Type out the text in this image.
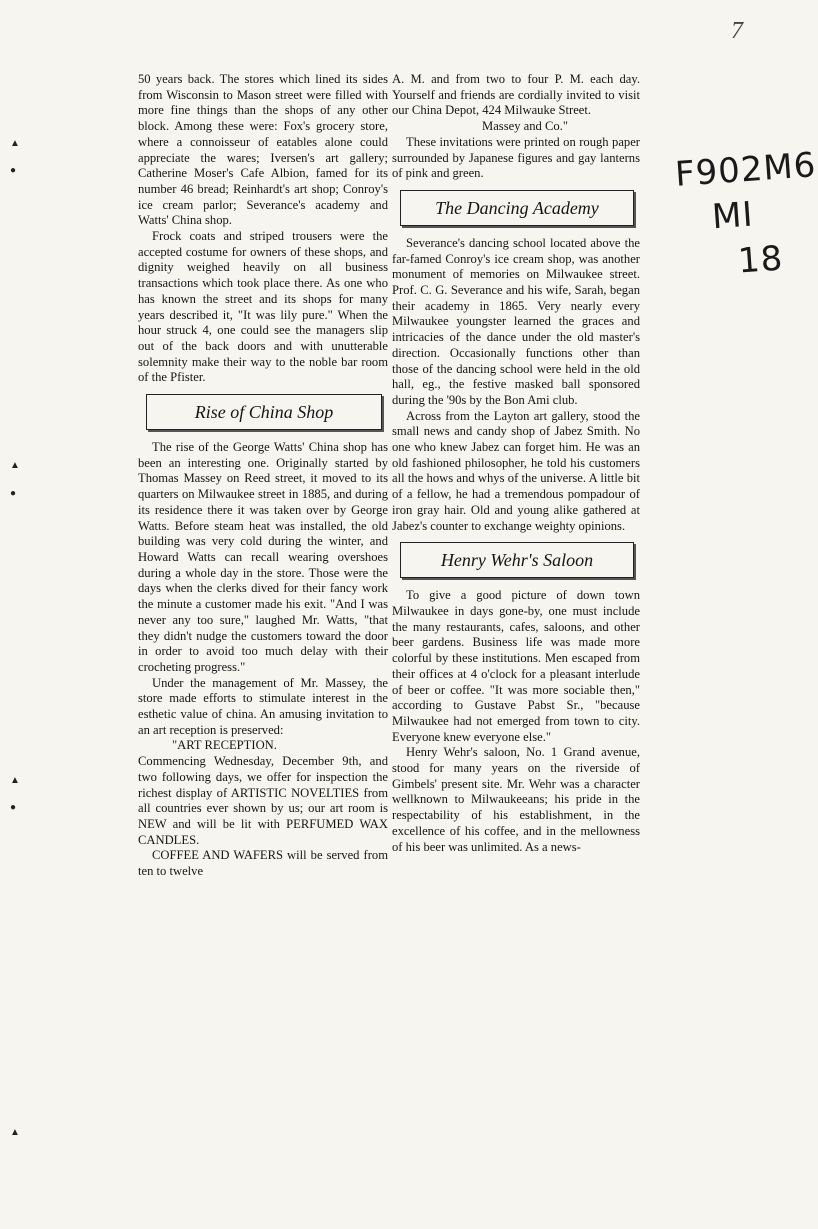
7
F902M6
MI
18
▲
●
▲
●
▲
●
▲

50 years back. The stores which lined its sides from Wisconsin to Mason street were filled with more fine things than the shops of any other block. Among these were: Fox's grocery store, where a connoisseur of eatables alone could appreciate the wares; Iversen's art gallery; Catherine Moser's Cafe Albion, famed for its number 46 bread; Reinhardt's art shop; Conroy's ice cream parlor; Severance's academy and Watts' China shop.

Frock coats and striped trousers were the accepted costume for owners of these shops, and dignity weighed heavily on all business transactions which took place there. As one who has known the street and its shops for many years described it, "It was lily pure." When the hour struck 4, one could see the managers slip out of the back doors and with unutterable solemnity make their way to the noble bar room of the Pfister.

Rise of China Shop

The rise of the George Watts' China shop has been an interesting one. Originally started by Thomas Massey on Reed street, it moved to its quarters on Milwaukee street in 1885, and during its residence there it was taken over by George Watts. Before steam heat was installed, the old building was very cold during the winter, and Howard Watts can recall wearing overshoes during a whole day in the store. Those were the days when the clerks dived for their fancy work the minute a customer made his exit. "And I was never any too sure," laughed Mr. Watts, "that they didn't nudge the customers toward the door in order to avoid too much delay with their crocheting progress."

Under the management of Mr. Massey, the store made efforts to stimulate interest in the esthetic value of china. An amusing invitation to an art reception is preserved:

"ART RECEPTION.

Commencing Wednesday, December 9th, and two following days, we offer for inspection the richest display of ARTISTIC NOVELTIES from all countries ever shown by us; our art room is NEW and will be lit with PERFUMED WAX CANDLES.

COFFEE AND WAFERS will be served from ten to twelve

A. M. and from two to four P. M. each day. Yourself and friends are cordially invited to visit our China Depot, 424 Milwauke Street.

Massey and Co."

These invitations were printed on rough paper surrounded by Japanese figures and gay lanterns of pink and green.

The Dancing Academy

Severance's dancing school located above the far-famed Conroy's ice cream shop, was another monument of memories on Milwaukee street. Prof. C. G. Severance and his wife, Sarah, began their academy in 1865. Very nearly every Milwaukee youngster learned the graces and intricacies of the dance under the old master's direction. Occasionally functions other than those of the dancing school were held in the old hall, eg., the festive masked ball sponsored during the '90s by the Bon Ami club.

Across from the Layton art gallery, stood the small news and candy shop of Jabez Smith. No one who knew Jabez can forget him. He was an old fashioned philosopher, he told his customers all the hows and whys of the universe. A little bit of a fellow, he had a tremendous pompadour of iron gray hair. Old and young alike gathered at Jabez's counter to exchange weighty opinions.

Henry Wehr's Saloon

To give a good picture of down town Milwaukee in days gone-by, one must include the many restaurants, cafes, saloons, and other beer gardens. Business life was made more colorful by these institutions. Men escaped from their offices at 4 o'clock for a pleasant interlude of beer or coffee. "It was more sociable then," according to Gustave Pabst Sr., "because Milwaukee had not emerged from town to city. Everyone knew everyone else."

Henry Wehr's saloon, No. 1 Grand avenue, stood for many years on the riverside of Gimbels' present site. Mr. Wehr was a character wellknown to Milwaukeeans; his pride in the respectability of his establishment, in the excellence of his coffee, and in the mellowness of his beer was unlimited. As a news-
